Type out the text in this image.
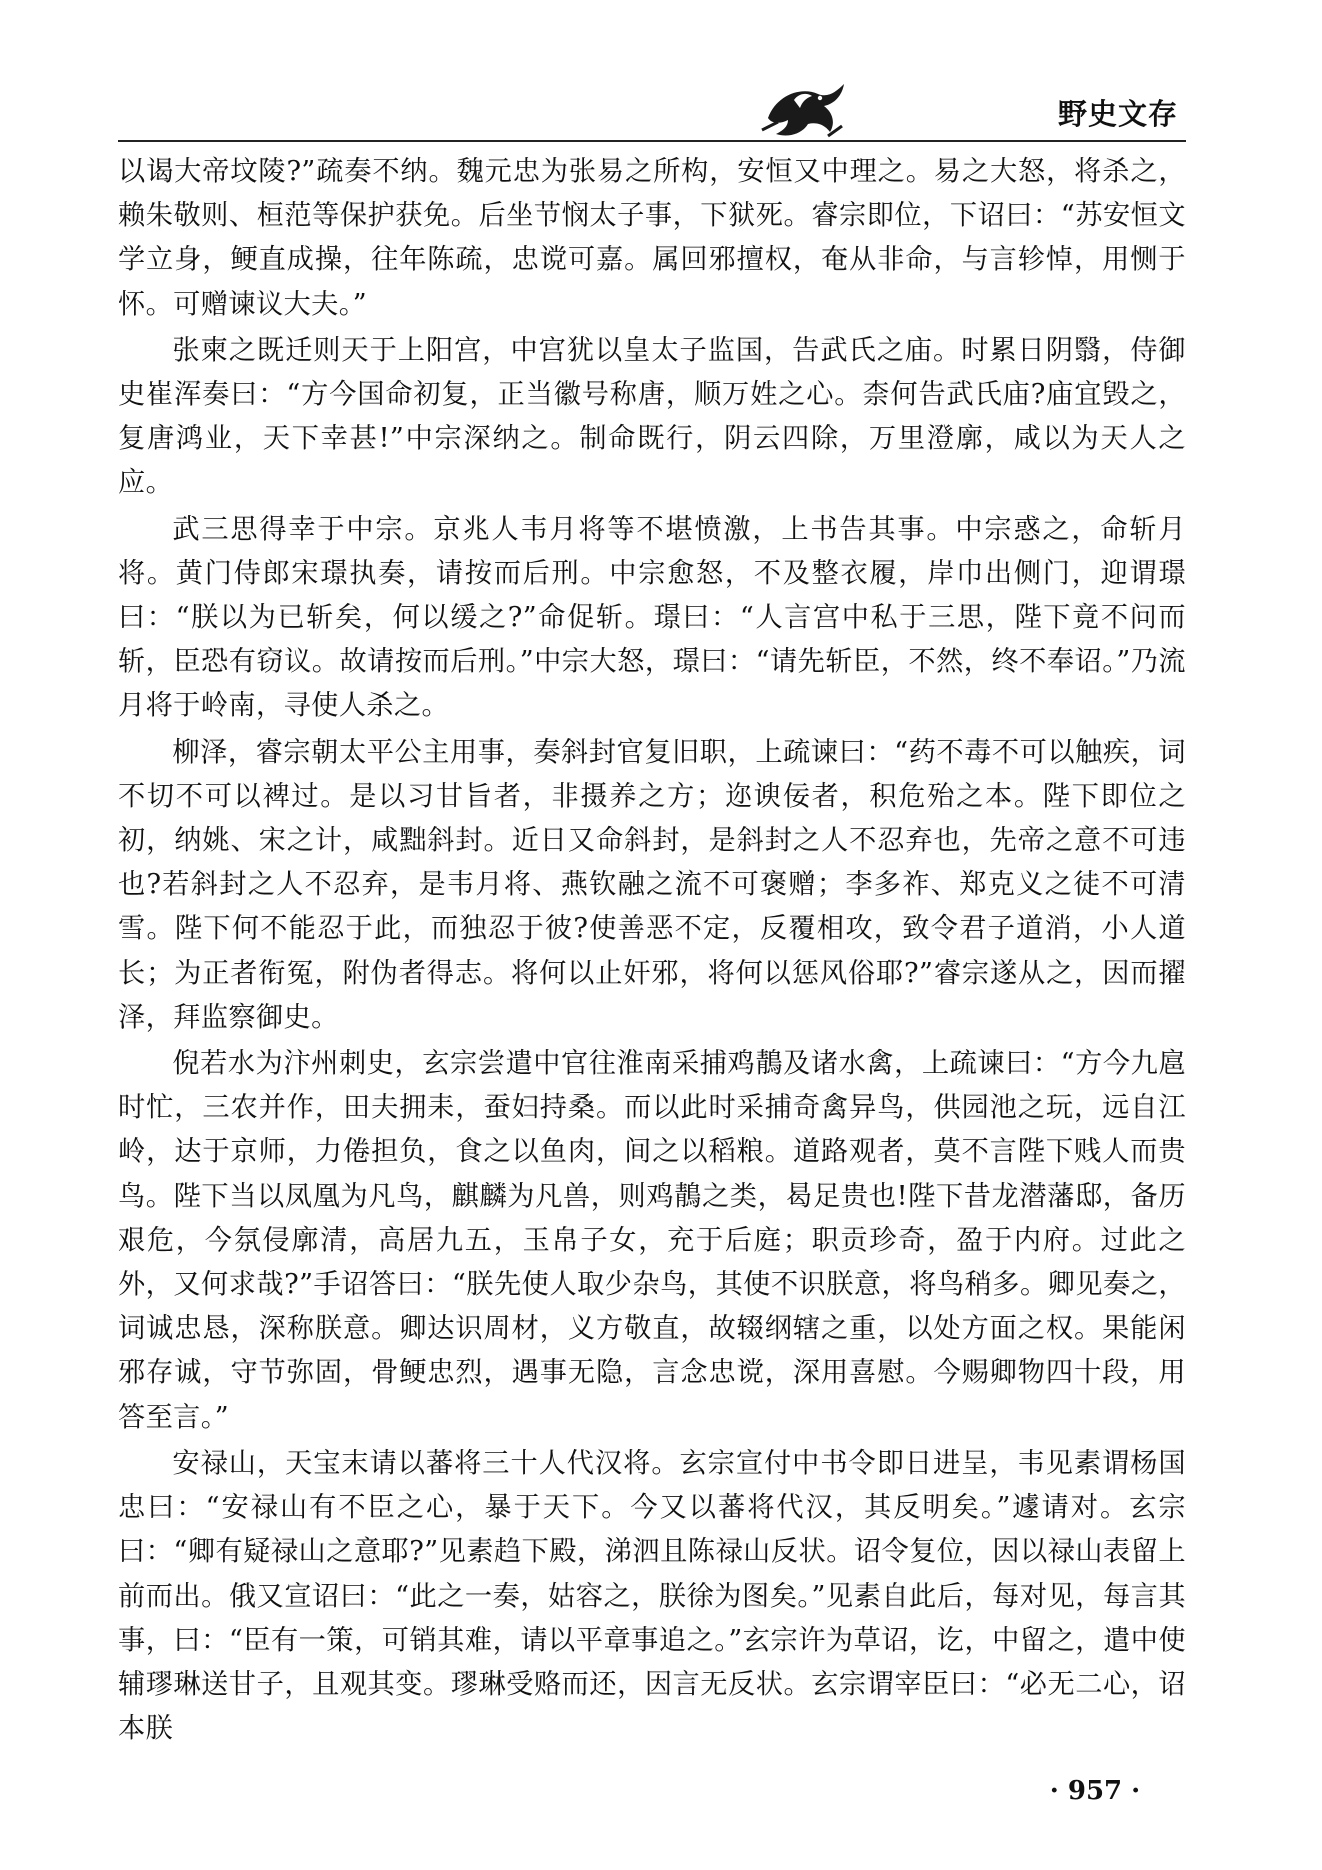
野史文存

以谒大帝坟陵?”疏奏不纳。魏元忠为张易之所构，安恒又中理之。易之大怒，将杀之，赖朱敬则、桓范等保护获免。后坐节悯太子事，下狱死。睿宗即位，下诏曰：“苏安恒文学立身，鲠直成操，往年陈疏，忠谠可嘉。属回邪擅权，奄从非命，与言轸悼，用恻于怀。可赠谏议大夫。”

张柬之既迁则天于上阳宫，中宫犹以皇太子监国，告武氏之庙。时累日阴翳，侍御史崔浑奏曰：“方今国命初复，正当徽号称唐，顺万姓之心。柰何告武氏庙?庙宜毁之，复唐鸿业，天下幸甚!”中宗深纳之。制命既行，阴云四除，万里澄廓，咸以为天人之应。

武三思得幸于中宗。京兆人韦月将等不堪愤激，上书告其事。中宗惑之，命斩月将。黄门侍郎宋璟执奏，请按而后刑。中宗愈怒，不及整衣履，岸巾出侧门，迎谓璟曰：“朕以为已斩矣，何以缓之?”命促斩。璟曰：“人言宫中私于三思，陛下竟不问而斩，臣恐有窃议。故请按而后刑。”中宗大怒，璟曰：“请先斩臣，不然，终不奉诏。”乃流月将于岭南，寻使人杀之。

柳泽，睿宗朝太平公主用事，奏斜封官复旧职，上疏谏曰：“药不毒不可以触疾，词不切不可以裨过。是以习甘旨者，非摄养之方；迩谀佞者，积危殆之本。陛下即位之初，纳姚、宋之计，咸黜斜封。近日又命斜封，是斜封之人不忍弃也，先帝之意不可违也?若斜封之人不忍弃，是韦月将、燕钦融之流不可褒赠；李多祚、郑克义之徒不可清雪。陛下何不能忍于此，而独忍于彼?使善恶不定，反覆相攻，致令君子道消，小人道长；为正者衔冤，附伪者得志。将何以止奸邪，将何以惩风俗耶?”睿宗遂从之，因而擢泽，拜监察御史。

倪若水为汴州刺史，玄宗尝遣中官往淮南采捕鸡鶄及诸水禽，上疏谏曰：“方今九扈时忙，三农并作，田夫拥耒，蚕妇持桑。而以此时采捕奇禽异鸟，供园池之玩，远自江岭，达于京师，力倦担负，食之以鱼肉，间之以稻粮。道路观者，莫不言陛下贱人而贵鸟。陛下当以凤凰为凡鸟，麒麟为凡兽，则鸡鶄之类，曷足贵也!陛下昔龙潜藩邸，备历艰危，今氛侵廓清，高居九五，玉帛子女，充于后庭；职贡珍奇，盈于内府。过此之外，又何求哉?”手诏答曰：“朕先使人取少杂鸟，其使不识朕意，将鸟稍多。卿见奏之，词诚忠恳，深称朕意。卿达识周材，义方敬直，故辍纲辖之重，以处方面之权。果能闲邪存诚，守节弥固，骨鲠忠烈，遇事无隐，言念忠谠，深用喜慰。今赐卿物四十段，用答至言。”

安禄山，天宝末请以蕃将三十人代汉将。玄宗宣付中书令即日进呈，韦见素谓杨国忠曰：“安禄山有不臣之心，暴于天下。今又以蕃将代汉，其反明矣。”遽请对。玄宗曰：“卿有疑禄山之意耶?”见素趋下殿，涕泗且陈禄山反状。诏令复位，因以禄山表留上前而出。俄又宣诏曰：“此之一奏，姑容之，朕徐为图矣。”见素自此后，每对见，每言其事，曰：“臣有一策，可销其难，请以平章事追之。”玄宗许为草诏，讫，中留之，遣中使辅璆琳送甘子，且观其变。璆琳受赂而还，因言无反状。玄宗谓宰臣曰：“必无二心，诏本朕

· 957 ·
